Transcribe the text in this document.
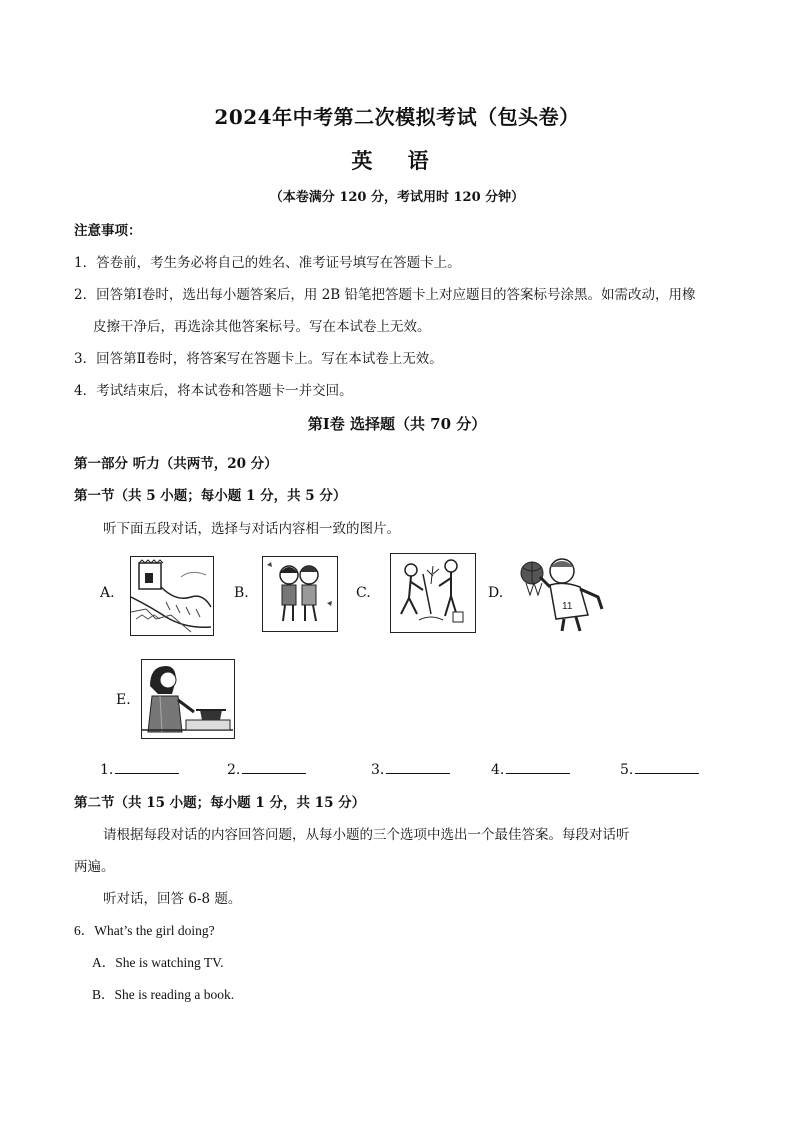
2024年中考第二次模拟考试（包头卷）
英 语
（本卷满分 120 分，考试用时 120 分钟）
注意事项：
1．答卷前，考生务必将自己的姓名、准考证号填写在答题卡上。
2．回答第Ⅰ卷时，选出每小题答案后，用 2B 铅笔把答题卡上对应题目的答案标号涂黑。如需改动，用橡
皮擦干净后，再选涂其他答案标号。写在本试卷上无效。
3．回答第Ⅱ卷时，将答案写在答题卡上。写在本试卷上无效。
4．考试结束后，将本试卷和答题卡一并交回。
第Ⅰ卷 选择题（共 70 分）
第一部分 听力（共两节，20 分）
第一节（共 5 小题；每小题 1 分，共 5 分）
听下面五段对话，选择与对话内容相一致的图片。
A.	B.	C.	D.
11
E.
1.	2.	3.	4.	5.
第二节（共 15 小题；每小题 1 分，共 15 分）
请根据每段对话的内容回答问题，从每小题的三个选项中选出一个最佳答案。每段对话听
两遍。
听对话，回答 6-8 题。
6．What’s the girl doing?
A．She is watching TV.
B．She is reading a book.
